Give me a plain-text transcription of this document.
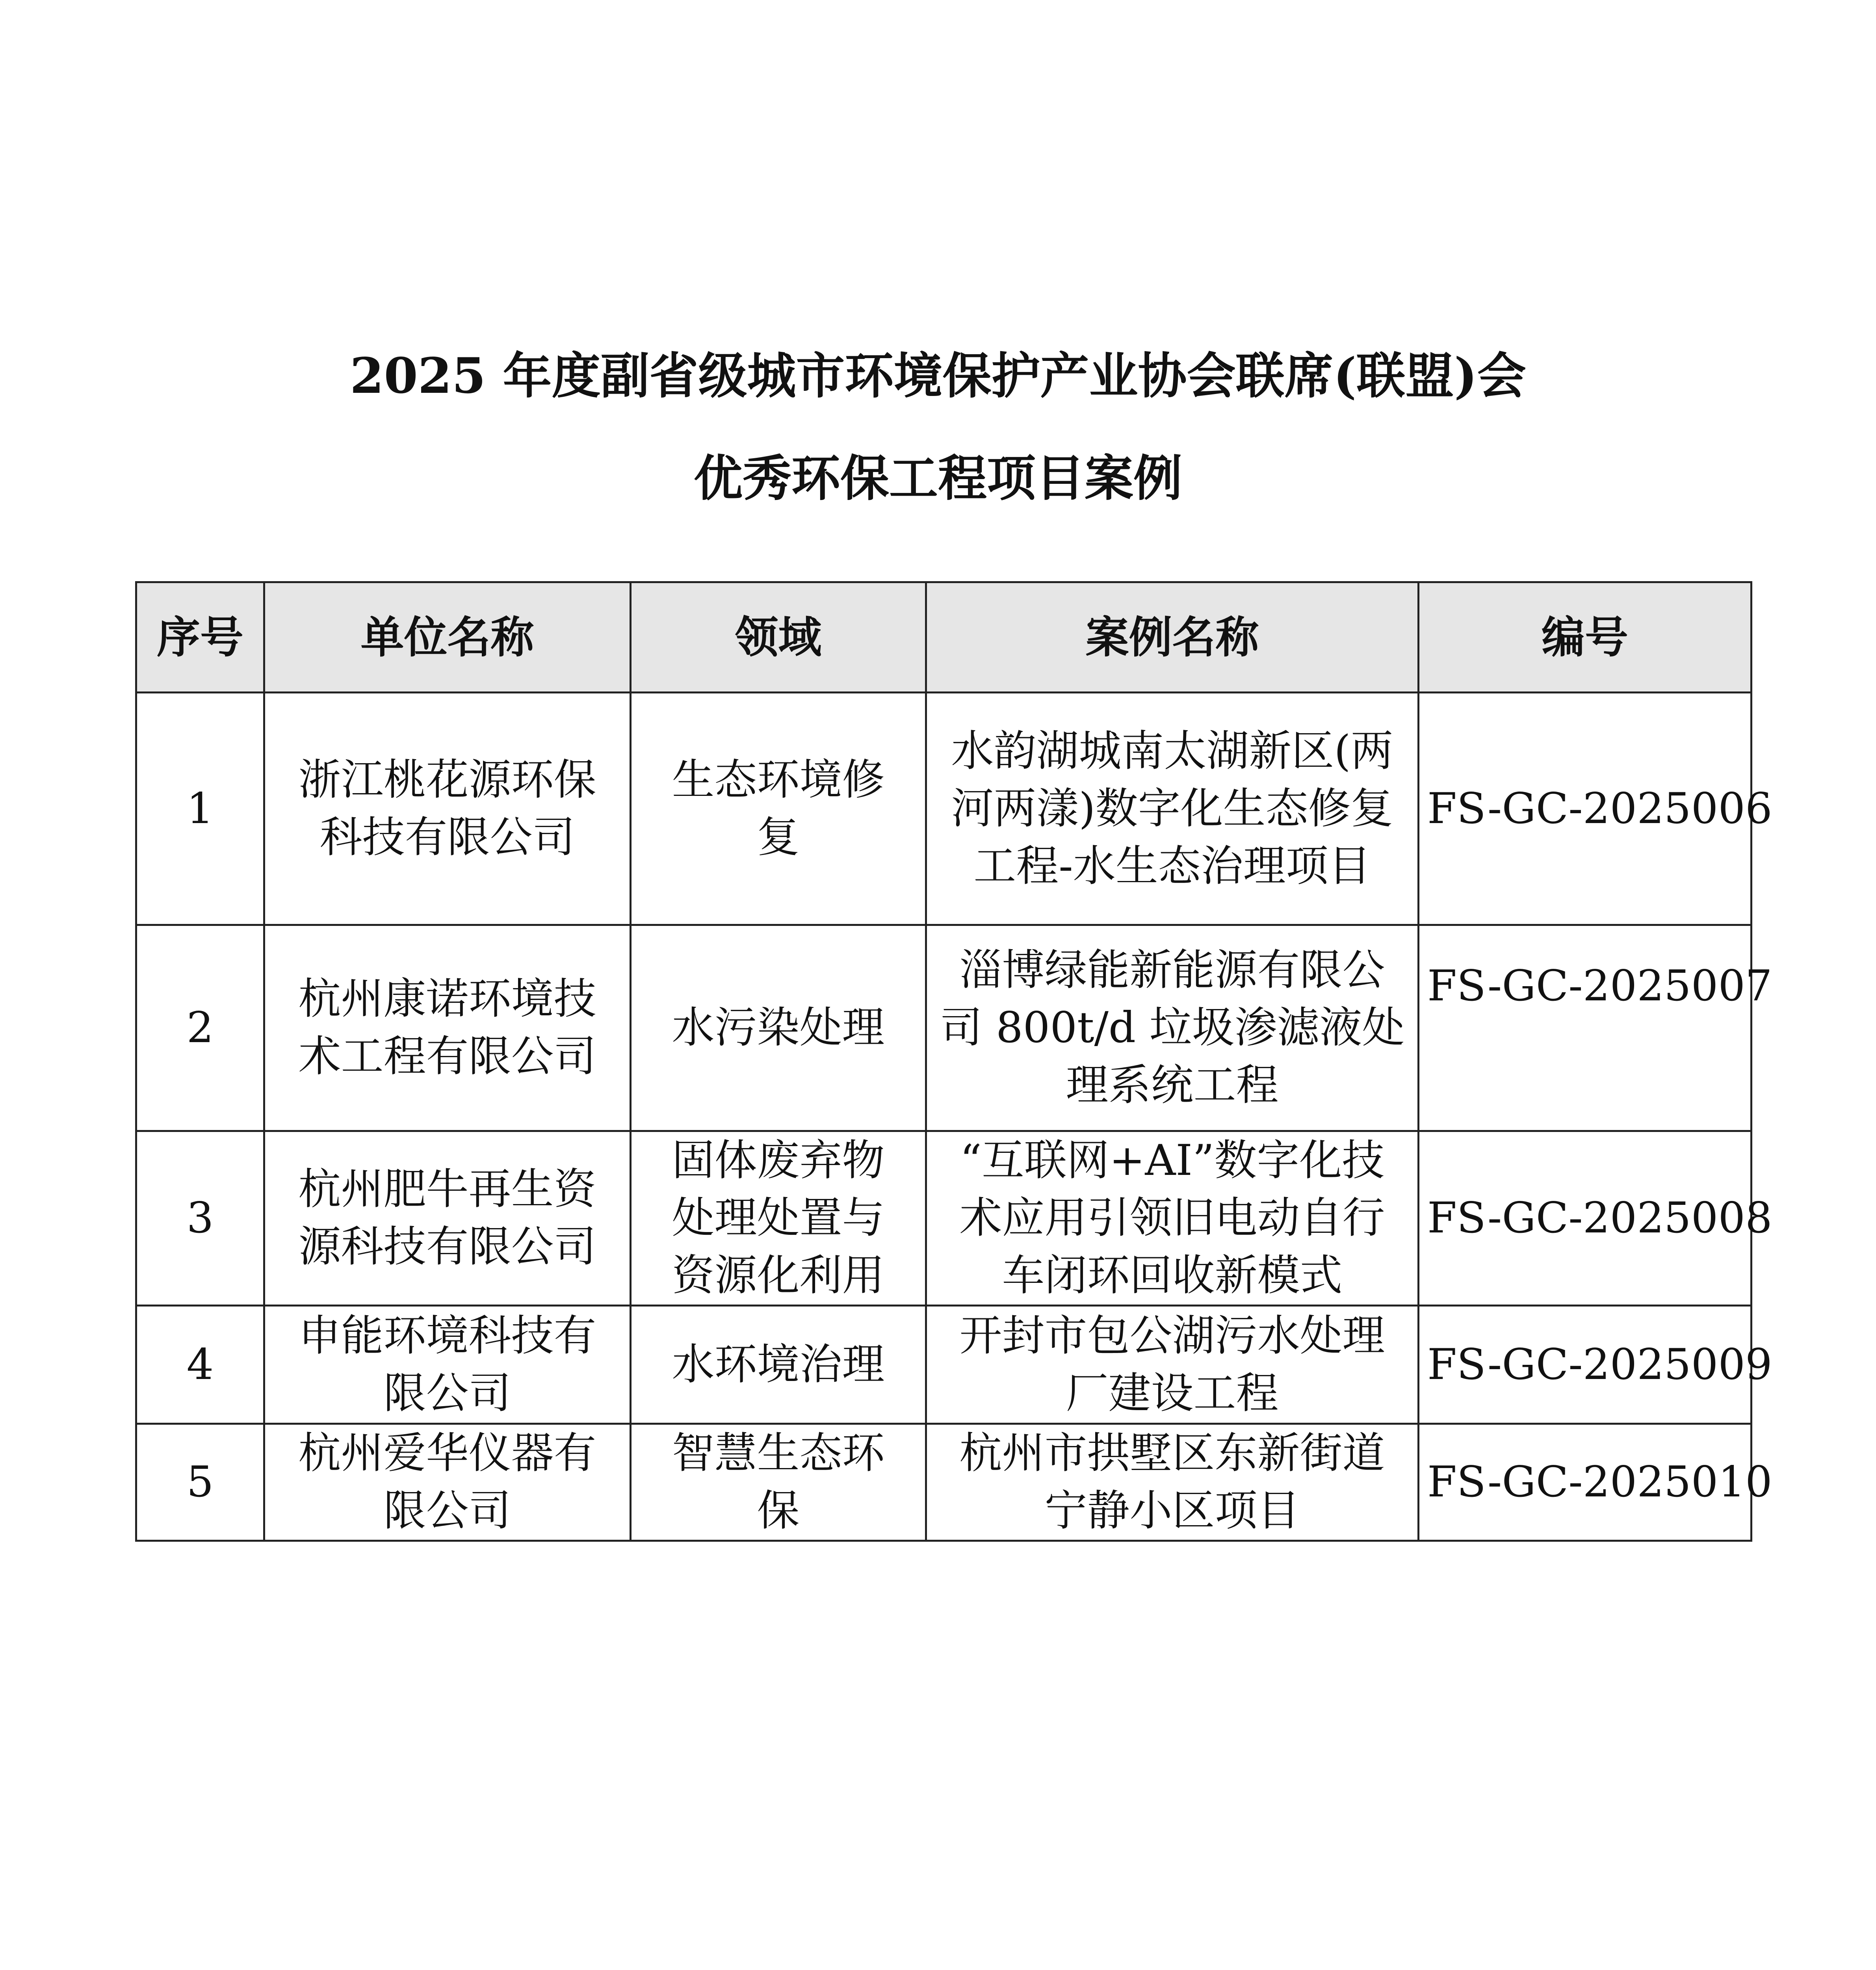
2025 年度副省级城市环境保护产业协会联席(联盟)会
优秀环保工程项目案例
序号	单位名称	领域	案例名称	编号
1	浙江桃花源环保科技有限公司	生态环境修复	水韵湖城南太湖新区(两河两漾)数字化生态修复工程-水生态治理项目	FS-GC-2025006
2	杭州康诺环境技术工程有限公司	水污染处理	淄博绿能新能源有限公司 800t/d 垃圾渗滤液处理系统工程	FS-GC-2025007
3	杭州肥牛再生资源科技有限公司	固体废弃物处理处置与资源化利用	“互联网+AI”数字化技术应用引领旧电动自行车闭环回收新模式	FS-GC-2025008
4	申能环境科技有限公司	水环境治理	开封市包公湖污水处理厂建设工程	FS-GC-2025009
5	杭州爱华仪器有限公司	智慧生态环保	杭州市拱墅区东新街道宁静小区项目	FS-GC-2025010
